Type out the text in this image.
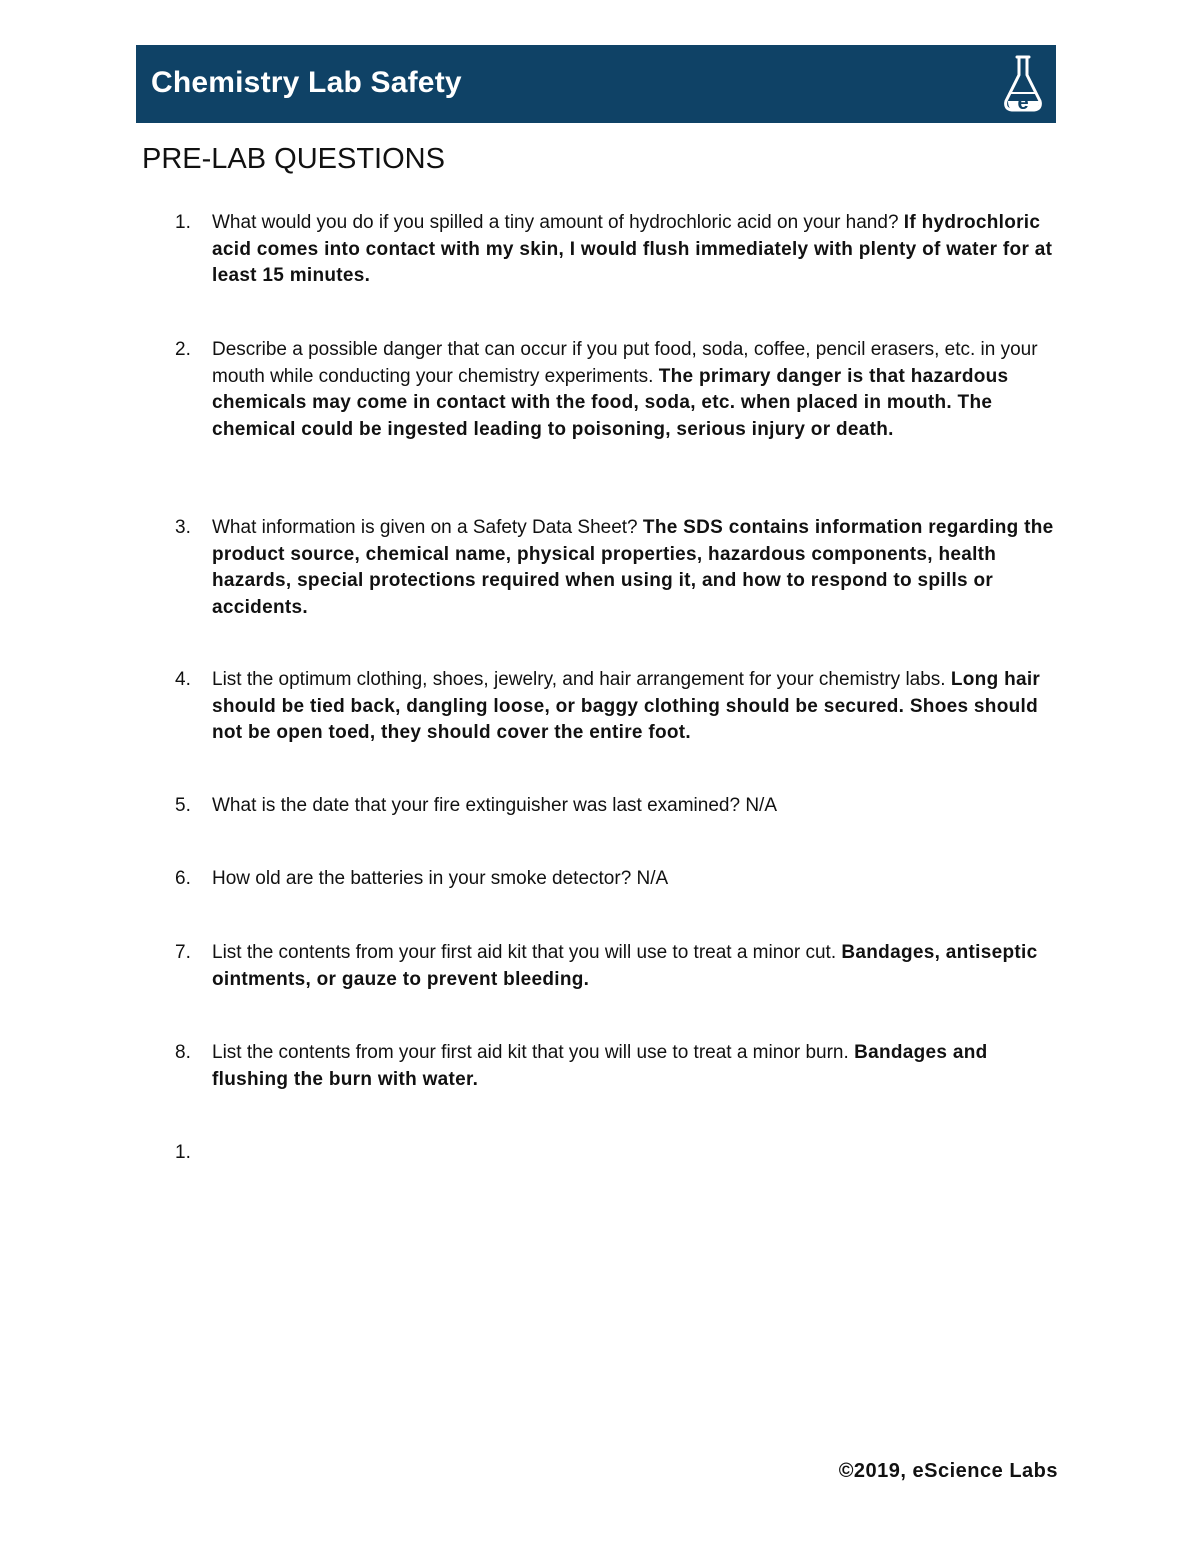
Chemistry Lab Safety
e
PRE-LAB QUESTIONS
1.	What would you do if you spilled a tiny amount of hydrochloric acid on your hand? If hydrochloric acid comes into contact with my skin, I would flush immediately with plenty of water for at least 15 minutes.
2.	Describe a possible danger that can occur if you put food, soda, coffee, pencil erasers, etc. in your mouth while conducting your chemistry experiments. The primary danger is that hazardous chemicals may come in contact with the food, soda, etc. when placed in mouth. The chemical could be ingested leading to poisoning, serious injury or death.
3.	What information is given on a Safety Data Sheet? The SDS contains information regarding the product source, chemical name, physical properties, hazardous components, health hazards, special protections required when using it, and how to respond to spills or accidents.
4.	List the optimum clothing, shoes, jewelry, and hair arrangement for your chemistry labs. Long hair should be tied back, dangling loose, or baggy clothing should be secured. Shoes should not be open toed, they should cover the entire foot.
5.	What is the date that your fire extinguisher was last examined? N/A
6.	How old are the batteries in your smoke detector? N/A
7.	List the contents from your first aid kit that you will use to treat a minor cut. Bandages, antiseptic ointments, or gauze to prevent bleeding.
8.	List the contents from your first aid kit that you will use to treat a minor burn. Bandages and flushing the burn with water.
1.
©2019, eScience Labs
